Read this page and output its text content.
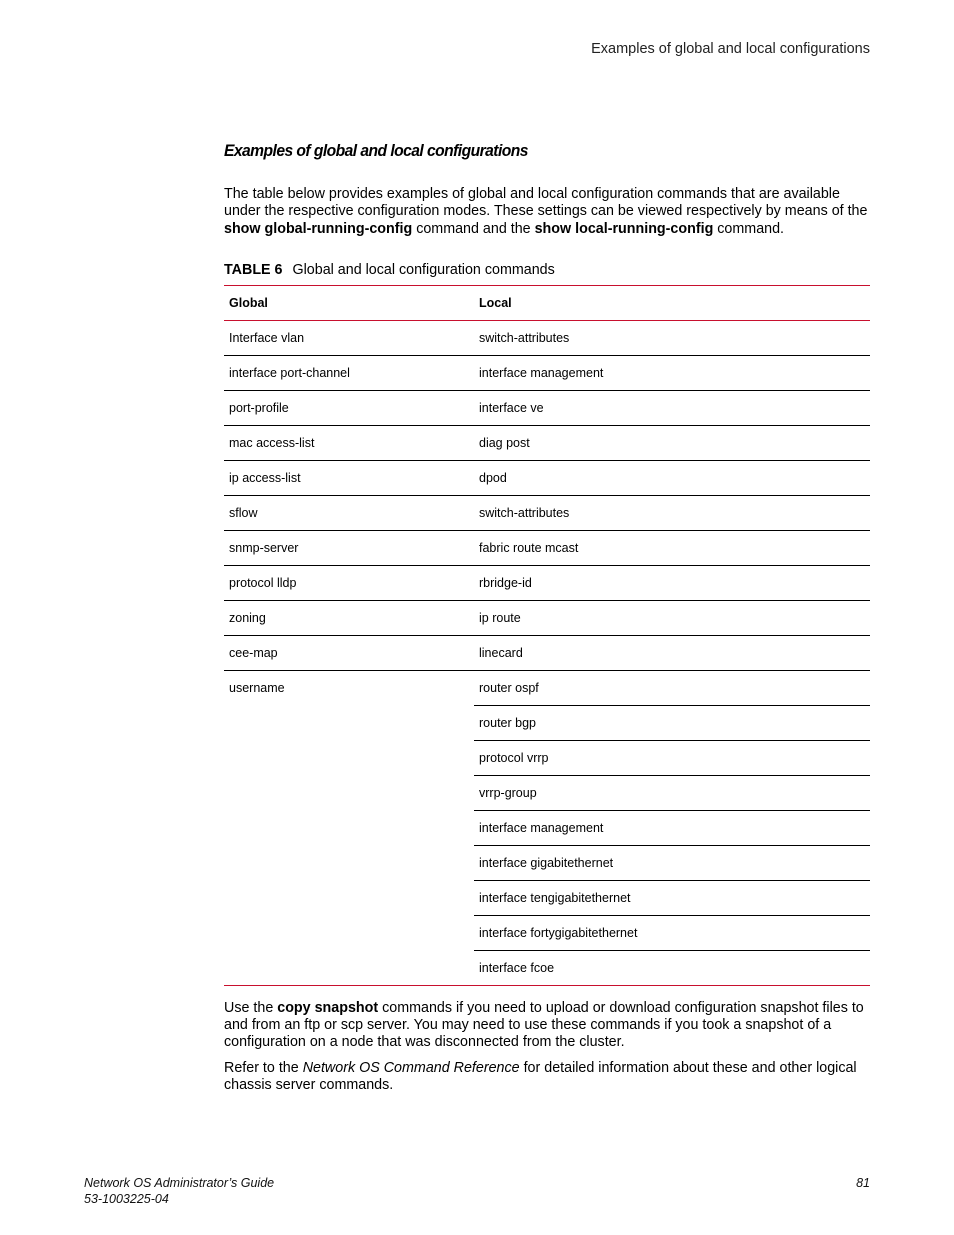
Examples of global and local configurations
Examples of global and local configurations

The table below provides examples of global and local configuration commands that are available under the respective configuration modes. These settings can be viewed respectively by means of the show global-running-config command and the show local-running-config command.

TABLE 6 Global and local configuration commands
Global	Local
Interface vlan	switch-attributes
interface port-channel	interface management
port-profile	interface ve
mac access-list	diag post
ip access-list	dpod
sflow	switch-attributes
snmp-server	fabric route mcast
protocol lldp	rbridge-id
zoning	ip route
cee-map	linecard
username	router ospf
	router bgp
	protocol vrrp
	vrrp-group
	interface management
	interface gigabitethernet
	interface tengigabitethernet
	interface fortygigabitethernet
	interface fcoe

Use the copy snapshot commands if you need to upload or download configuration snapshot files to and from an ftp or scp server. You may need to use these commands if you took a snapshot of a configuration on a node that was disconnected from the cluster.

Refer to the Network OS Command Reference for detailed information about these and other logical chassis server commands.

Network OS Administrator’s Guide
53-1003225-04
81
